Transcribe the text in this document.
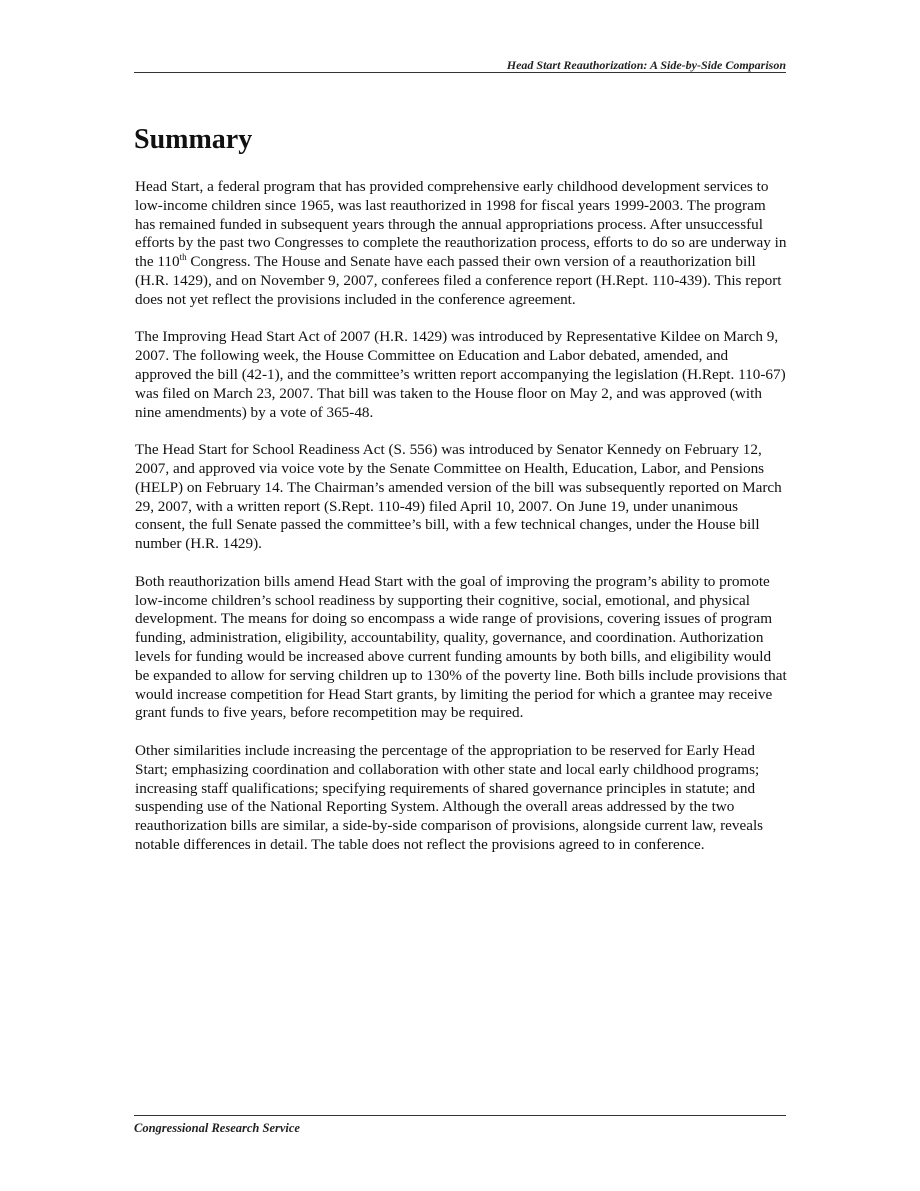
Head Start Reauthorization: A Side-by-Side Comparison
Summary

Head Start, a federal program that has provided comprehensive early childhood development services to low-income children since 1965, was last reauthorized in 1998 for fiscal years 1999-2003. The program has remained funded in subsequent years through the annual appropriations process. After unsuccessful efforts by the past two Congresses to complete the reauthorization process, efforts to do so are underway in the 110th Congress. The House and Senate have each passed their own version of a reauthorization bill (H.R. 1429), and on November 9, 2007, conferees filed a conference report (H.Rept. 110-439). This report does not yet reflect the provisions included in the conference agreement.

The Improving Head Start Act of 2007 (H.R. 1429) was introduced by Representative Kildee on March 9, 2007. The following week, the House Committee on Education and Labor debated, amended, and approved the bill (42-1), and the committee’s written report accompanying the legislation (H.Rept. 110-67) was filed on March 23, 2007. That bill was taken to the House floor on May 2, and was approved (with nine amendments) by a vote of 365-48.

The Head Start for School Readiness Act (S. 556) was introduced by Senator Kennedy on February 12, 2007, and approved via voice vote by the Senate Committee on Health, Education, Labor, and Pensions (HELP) on February 14. The Chairman’s amended version of the bill was subsequently reported on March 29, 2007, with a written report (S.Rept. 110-49) filed April 10, 2007. On June 19, under unanimous consent, the full Senate passed the committee’s bill, with a few technical changes, under the House bill number (H.R. 1429).

Both reauthorization bills amend Head Start with the goal of improving the program’s ability to promote low-income children’s school readiness by supporting their cognitive, social, emotional, and physical development. The means for doing so encompass a wide range of provisions, covering issues of program funding, administration, eligibility, accountability, quality, governance, and coordination. Authorization levels for funding would be increased above current funding amounts by both bills, and eligibility would be expanded to allow for serving children up to 130% of the poverty line. Both bills include provisions that would increase competition for Head Start grants, by limiting the period for which a grantee may receive grant funds to five years, before recompetition may be required.

Other similarities include increasing the percentage of the appropriation to be reserved for Early Head Start; emphasizing coordination and collaboration with other state and local early childhood programs; increasing staff qualifications; specifying requirements of shared governance principles in statute; and suspending use of the National Reporting System. Although the overall areas addressed by the two reauthorization bills are similar, a side-by-side comparison of provisions, alongside current law, reveals notable differences in detail. The table does not reflect the provisions agreed to in conference.

Congressional Research Service
